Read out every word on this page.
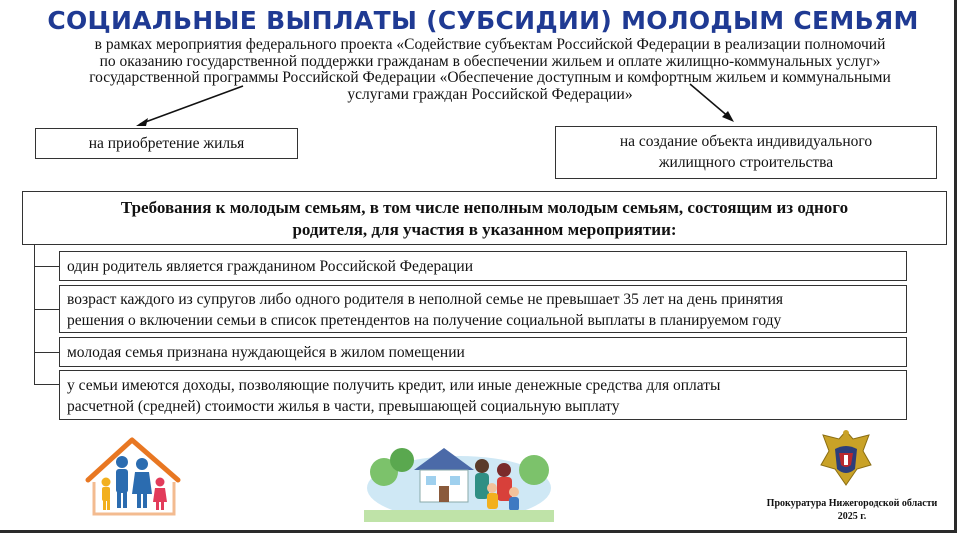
СОЦИАЛЬНЫЕ ВЫПЛАТЫ (СУБСИДИИ) МОЛОДЫМ СЕМЬЯМ
в рамках мероприятия федерального проекта «Содействие субъектам Российской Федерации в реализации полномочий
по оказанию государственной поддержки гражданам в обеспечении жильем и оплате жилищно-коммунальных услуг»
государственной программы Российской Федерации «Обеспечение доступным и комфортным жильем и коммунальными
услугами граждан Российской Федерации»
на приобретение жилья	на создание объекта индивидуального
жилищного строительства
Требования к молодым семьям, в том числе неполным молодым семьям, состоящим из одного
родителя, для участия в указанном мероприятии:
один родитель является гражданином Российской Федерации
возраст каждого из супругов либо одного родителя в неполной семье не превышает 35 лет на день принятия
решения о включении семьи в список претендентов на получение социальной выплаты в планируемом году
молодая семья признана нуждающейся в жилом помещении
у семьи имеются доходы, позволяющие получить кредит, или иные денежные средства для оплаты
расчетной (средней) стоимости жилья в части, превышающей социальную выплату
Прокуратура Нижегородской области
2025 г.
